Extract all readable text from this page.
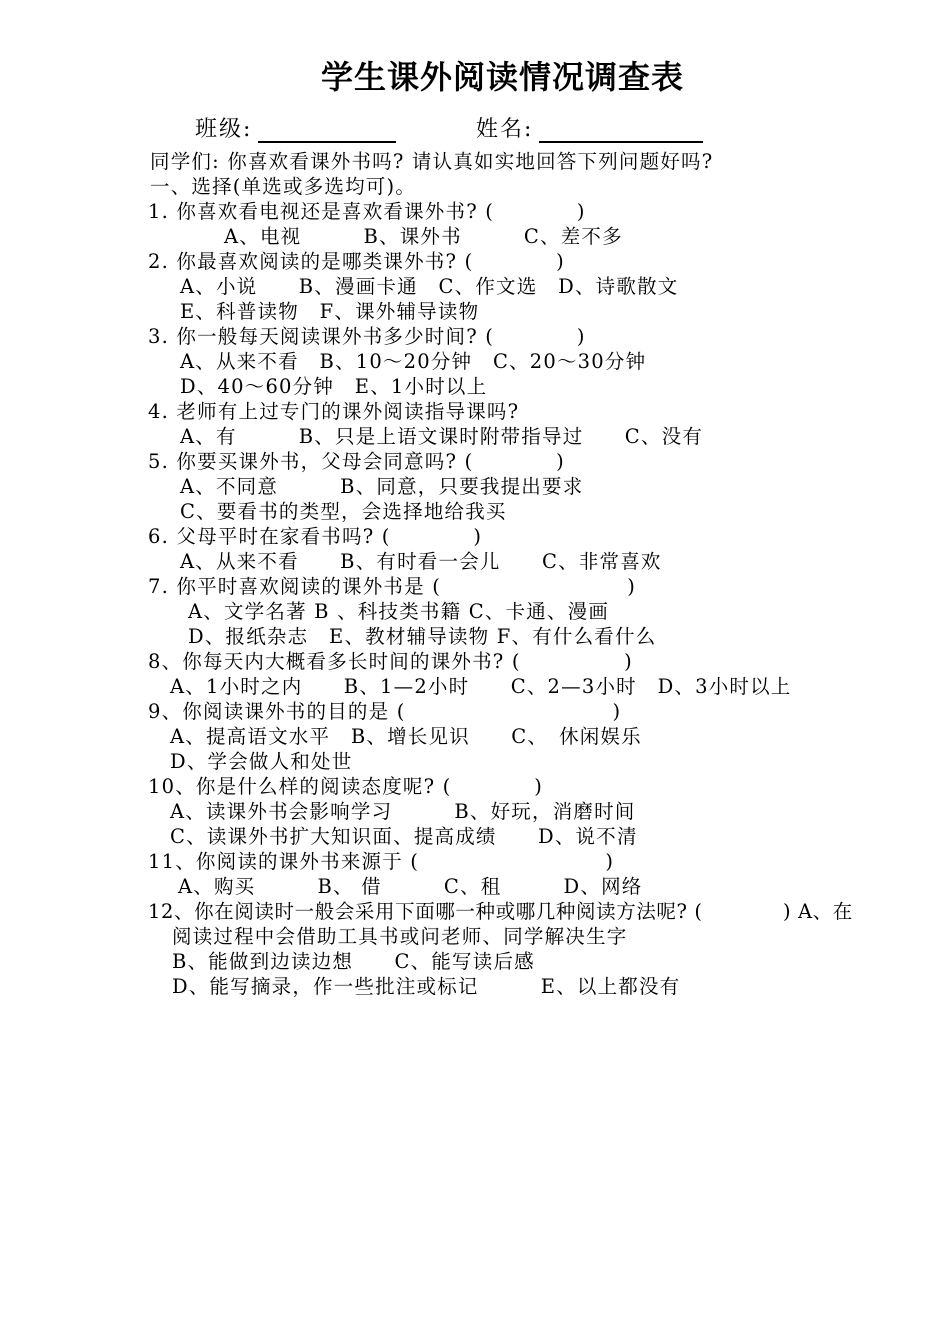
学生课外阅读情况调查表
班级:	姓名:
同学们: 你喜欢看课外书吗? 请认真如实地回答下列问题好吗?
一、选择(单选或多选均可)。
1. 你喜欢看电视还是喜欢看课外书? (　　　　)
A、电视　　　B、课外书　　　C、差不多
2. 你最喜欢阅读的是哪类课外书? (　　　　)
A、小说　　B、漫画卡通　C、作文选　D、诗歌散文
E、科普读物　F、课外辅导读物
3. 你一般每天阅读课外书多少时间? (　　　　)
A、从来不看　B、10～20分钟　C、20～30分钟
D、40～60分钟　E、1小时以上
4. 老师有上过专门的课外阅读指导课吗?
A、有　　　B、只是上语文课时附带指导过　　C、没有
5. 你要买课外书，父母会同意吗? (　　　　)
A、不同意　　　B、同意，只要我提出要求
C、要看书的类型，会选择地给我买
6. 父母平时在家看书吗? (　　　　)
A、从来不看　　B、有时看一会儿　　C、非常喜欢
7. 你平时喜欢阅读的课外书是 (　　　　　　　　　)
A、文学名著 B 、科技类书籍 C、卡通、漫画
D、报纸杂志　E、教材辅导读物 F、有什么看什么
8、你每天内大概看多长时间的课外书? (　　　　　)
A、1小时之内　　B、1—2小时　　C、2—3小时　D、3小时以上
9、你阅读课外书的目的是 (　　　　　　　　　　)
A、提高语文水平　B、增长见识　　C、　休闲娱乐
D、学会做人和处世
10、你是什么样的阅读态度呢? (　　　　)
A、读课外书会影响学习　　　B、好玩，消磨时间
C、读课外书扩大知识面、提高成绩　　D、说不清
11、你阅读的课外书来源于 (　　　　　　　　　)
A、购买　　　B、 借　　　C、租　　　D、网络
12、你在阅读时一般会采用下面哪一种或哪几种阅读方法呢? (　　　　) A、在
阅读过程中会借助工具书或问老师、同学解决生字
B、能做到边读边想　　C、能写读后感
D、能写摘录，作一些批注或标记　　　E、以上都没有
